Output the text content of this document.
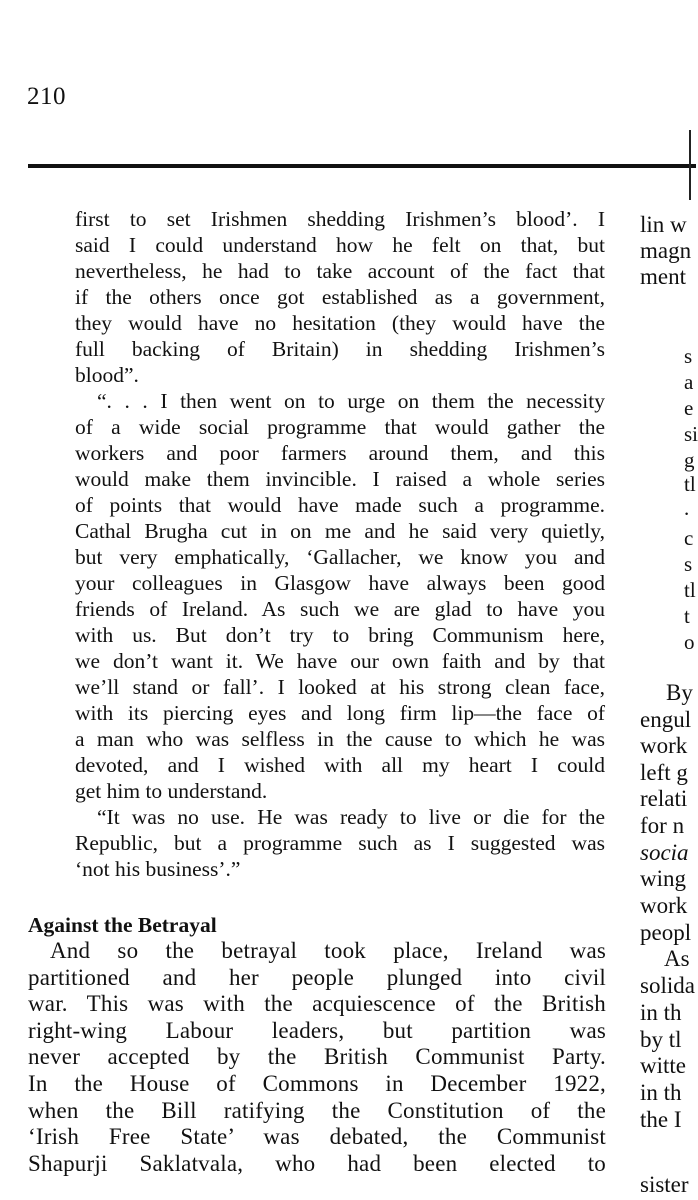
210
first to set Irishmen shedding Irishmen’s blood’. I
said I could understand how he felt on that, but
nevertheless, he had to take account of the fact that
if the others once got established as a government,
they would have no hesitation (they would have the
full backing of Britain) in shedding Irishmen’s
blood”.
“. . . I then went on to urge on them the necessity
of a wide social programme that would gather the
workers and poor farmers around them, and this
would make them invincible. I raised a whole series
of points that would have made such a programme.
Cathal Brugha cut in on me and he said very quietly,
but very emphatically, ‘Gallacher, we know you and
your colleagues in Glasgow have always been good
friends of Ireland. As such we are glad to have you
with us. But don’t try to bring Communism here,
we don’t want it. We have our own faith and by that
we’ll stand or fall’. I looked at his strong clean face,
with its piercing eyes and long firm lip—the face of
a man who was selfless in the cause to which he was
devoted, and I wished with all my heart I could
get him to understand.
“It was no use. He was ready to live or die for the
Republic, but a programme such as I suggested was
‘not his business’.”
Against the Betrayal
And so the betrayal took place, Ireland was
partitioned and her people plunged into civil
war. This was with the acquiescence of the British
right-wing Labour leaders, but partition was
never accepted by the British Communist Party.
In the House of Commons in December 1922,
when the Bill ratifying the Constitution of the
‘Irish Free State’ was debated, the Communist
Shapurji Saklatvala, who had been elected to
lin w
magn
ment
s
a
e
si
g
tl
.
c
s
tl
t
o
By
engul
work
left g
relati
for n
socia
wing
work
peopl
As
solida
in th
by tl
witte
in th
the I
sister
